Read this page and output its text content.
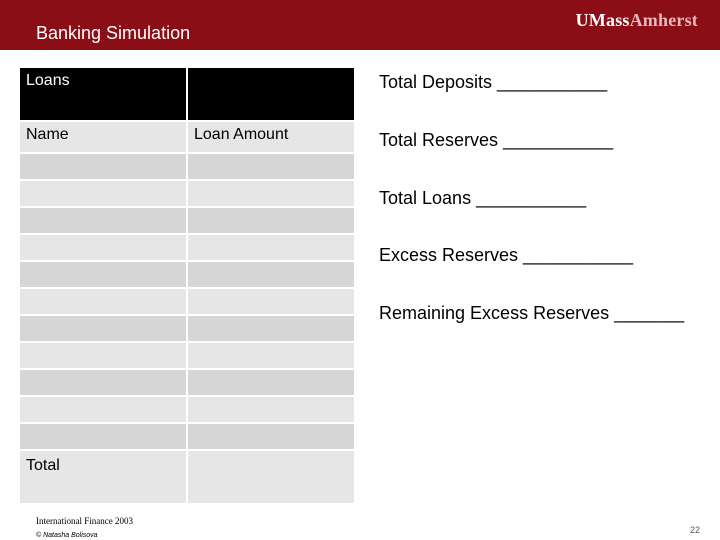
Banking Simulation
UMassAmherst
Loans	
Name	Loan Amount

Total	
Total Deposits ___________
Total Reserves ___________
Total Loans ___________
Excess Reserves ___________
Remaining Excess Reserves _______
International Finance 2003
© Natasha Bolisova
22
